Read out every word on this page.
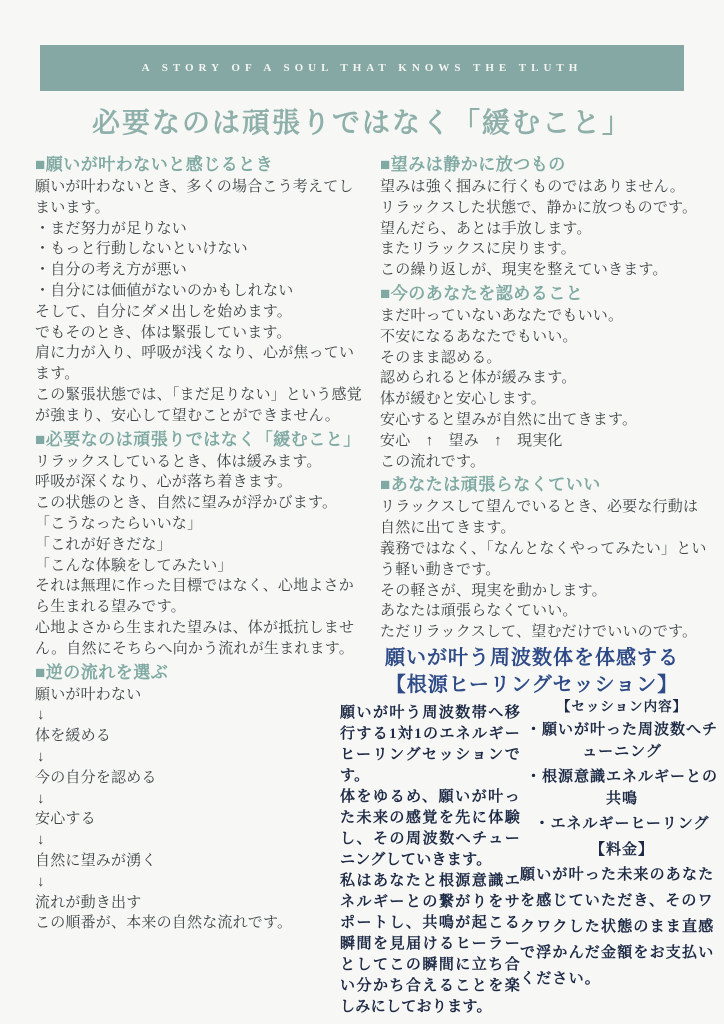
A STORY OF A SOUL THAT KNOWS THE TLUTH
必要なのは頑張りではなく「緩むこと」
■願いが叶わないと感じるとき
願いが叶わないとき、多くの場合こう考えてしまいます。
・まだ努力が足りない
・もっと行動しないといけない
・自分の考え方が悪い
・自分には価値がないのかもしれない
そして、自分にダメ出しを始めます。
でもそのとき、体は緊張しています。
肩に力が入り、呼吸が浅くなり、心が焦っています。
この緊張状態では、「まだ足りない」という感覚が強まり、安心して望むことができません。
■必要なのは頑張りではなく「緩むこと」
リラックスしているとき、体は緩みます。
呼吸が深くなり、心が落ち着きます。
この状態のとき、自然に望みが浮かびます。
「こうなったらいいな」
「これが好きだな」
「こんな体験をしてみたい」
それは無理に作った目標ではなく、心地よさから生まれる望みです。
心地よさから生まれた望みは、体が抵抗しません。自然にそちらへ向かう流れが生まれます。
■逆の流れを選ぶ
願いが叶わない
↓
体を緩める
↓
今の自分を認める
↓
安心する
↓
自然に望みが湧く
↓
流れが動き出す
この順番が、本来の自然な流れです。
■望みは静かに放つもの
望みは強く掴みに行くものではありません。
リラックスした状態で、静かに放つものです。
望んだら、あとは手放します。
またリラックスに戻ります。
この繰り返しが、現実を整えていきます。
■今のあなたを認めること
まだ叶っていないあなたでもいい。
不安になるあなたでもいい。
そのまま認める。
認められると体が緩みます。
体が緩むと安心します。
安心すると望みが自然に出てきます。
安心　↑　望み　↑　現実化
この流れです。
■あなたは頑張らなくていい
リラックスして望んでいるとき、必要な行動は自然に出てきます。
義務ではなく、「なんとなくやってみたい」という軽い動きです。
その軽さが、現実を動かします。
あなたは頑張らなくていい。
ただリラックスして、望むだけでいいのです。
願いが叶う周波数体を体感する
【根源ヒーリングセッション】

願いが叶う周波数帯へ移行する1対1のエネルギーヒーリングセッションです。

体をゆるめ、願いが叶った未来の感覚を先に体験し、その周波数へチューニングしていきます。

私はあなたと根源意識エネルギーとの繋がりをサポートし、共鳴が起こる瞬間を見届けるヒーラーとしてこの瞬間に立ち合い分かち合えることを楽しみにしております。

【セッション内容】
・願いが叶った周波数へチューニング
・根源意識エネルギーとの共鳴
・エネルギーヒーリング
【料金】
願いが叶った未来のあなたを感じていただき、そのワクワクした状態のまま直感で浮かんだ金額をお支払いください。
